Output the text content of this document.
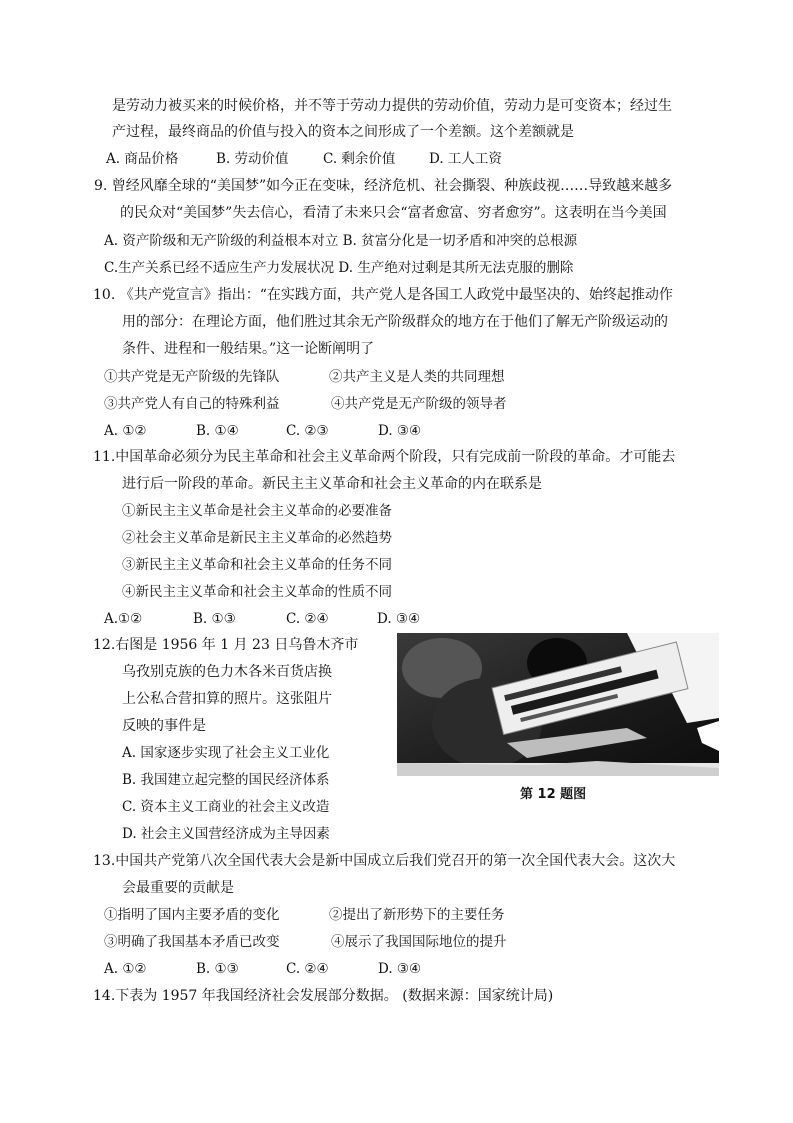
是劳动力被买来的时候价格，并不等于劳动力提供的劳动价值，劳动力是可变资本；经过生
产过程，最终商品的价值与投入的资本之间形成了一个差额。这个差额就是
A. 商品价格	B. 劳动价值	C. 剩余价值 D. 工人工资
9. 曾经风靡全球的“美国梦”如今正在变味，经济危机、社会撕裂、种族歧视……导致越来越多
的民众对“美国梦”失去信心，看清了未来只会“富者愈富、穷者愈穷”。这表明在当今美国
A. 资产阶级和无产阶级的利益根本对立 B. 贫富分化是一切矛盾和冲突的总根源
C.生产关系已经不适应生产力发展状况 D. 生产绝对过剩是其所无法克服的删除
10. 《共产党宣言》指出：“在实践方面，共产党人是各国工人政党中最坚决的、始终起推动作
用的部分：在理论方面，他们胜过其余无产阶级群众的地方在于他们了解无产阶级运动的
条件、进程和一般结果。”这一论断阐明了
①共产党是无产阶级的先锋队	②共产主义是人类的共同理想
③共产党人有自己的特殊利益	④共产党是无产阶级的领导者
A. ①②	B. ①④	C. ②③	D. ③④
11.中国革命必须分为民主革命和社会主义革命两个阶段，只有完成前一阶段的革命。才可能去
进行后一阶段的革命。新民主主义革命和社会主义革命的内在联系是
①新民主主义革命是社会主义革命的必要准备
②社会主义革命是新民主主义革命的必然趋势
③新民主主义革命和社会主义革命的任务不同
④新民主主义革命和社会主义革命的性质不同
A.①②	B. ①③	C. ②④	D. ③④
12.右图是 1956 年 1 月 23 日乌鲁木齐市
乌孜别克族的色力木各米百货店换
上公私合营扣算的照片。这张阻片
反映的事件是
A. 国家逐步实现了社会主义工业化
B. 我国建立起完整的国民经济体系
C. 资本主义工商业的社会主义改造
D. 社会主义国营经济成为主导因素
第 12 题图
13.中国共产党第八次全国代表大会是新中国成立后我们党召开的第一次全国代表大会。这次大
会最重要的贡献是
①指明了国内主要矛盾的变化	②提出了新形势下的主要任务
③明确了我国基本矛盾已改变	④展示了我国国际地位的提升
A. ①②	B. ①③	C. ②④	D. ③④
14.下表为 1957 年我国经济社会发展部分数据。 (数据来源：国家统计局)
